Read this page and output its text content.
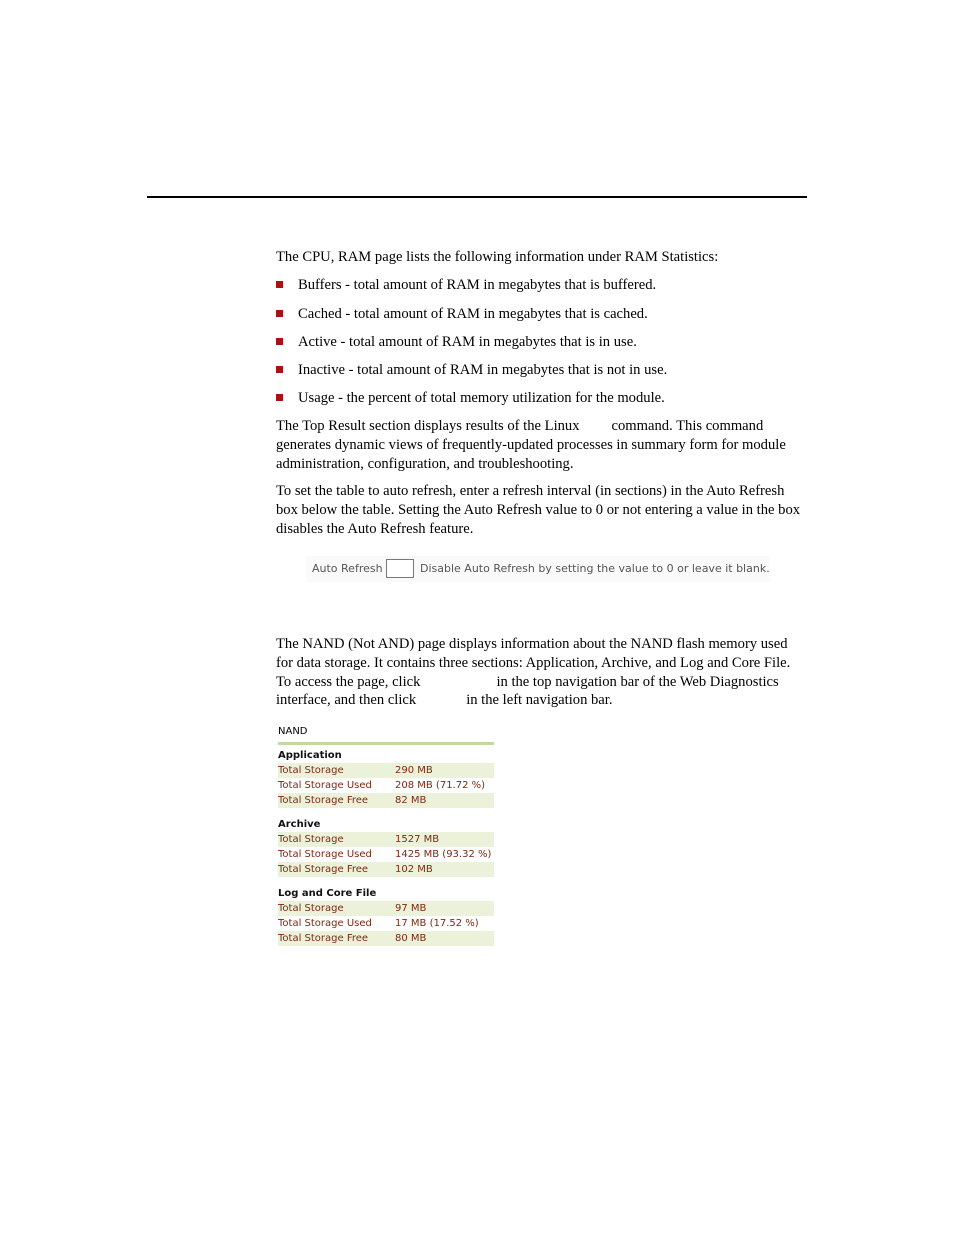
The CPU, RAM page lists the following information under RAM Statistics:

Buffers - total amount of RAM in megabytes that is buffered.
Cached - total amount of RAM in megabytes that is cached.
Active - total amount of RAM in megabytes that is in use.
Inactive - total amount of RAM in megabytes that is not in use.
Usage - the percent of total memory utilization for the module.

The Top Result section displays results of the Linux command. This command generates dynamic views of frequently-updated processes in summary form for module administration, configuration, and troubleshooting.

To set the table to auto refresh, enter a refresh interval (in sections) in the Auto Refresh box below the table. Setting the Auto Refresh value to 0 or not entering a value in the box disables the Auto Refresh feature.

Auto Refresh	Disable Auto Refresh by setting the value to 0 or leave it blank.

The NAND (Not AND) page displays information about the NAND flash memory used for data storage. It contains three sections: Application, Archive, and Log and Core File. To access the page, click	in the top navigation bar of the Web Diagnostics interface, and then click	in the left navigation bar.

NAND
Application
Total Storage	290 MB
Total Storage Used 208 MB (71.72 %)
Total Storage Free	82 MB
Archive
Total Storage	1527 MB
Total Storage Used 1425 MB (93.32 %)
Total Storage Free	102 MB
Log and Core File
Total Storage	97 MB
Total Storage Used 17 MB (17.52 %)
Total Storage Free	80 MB
